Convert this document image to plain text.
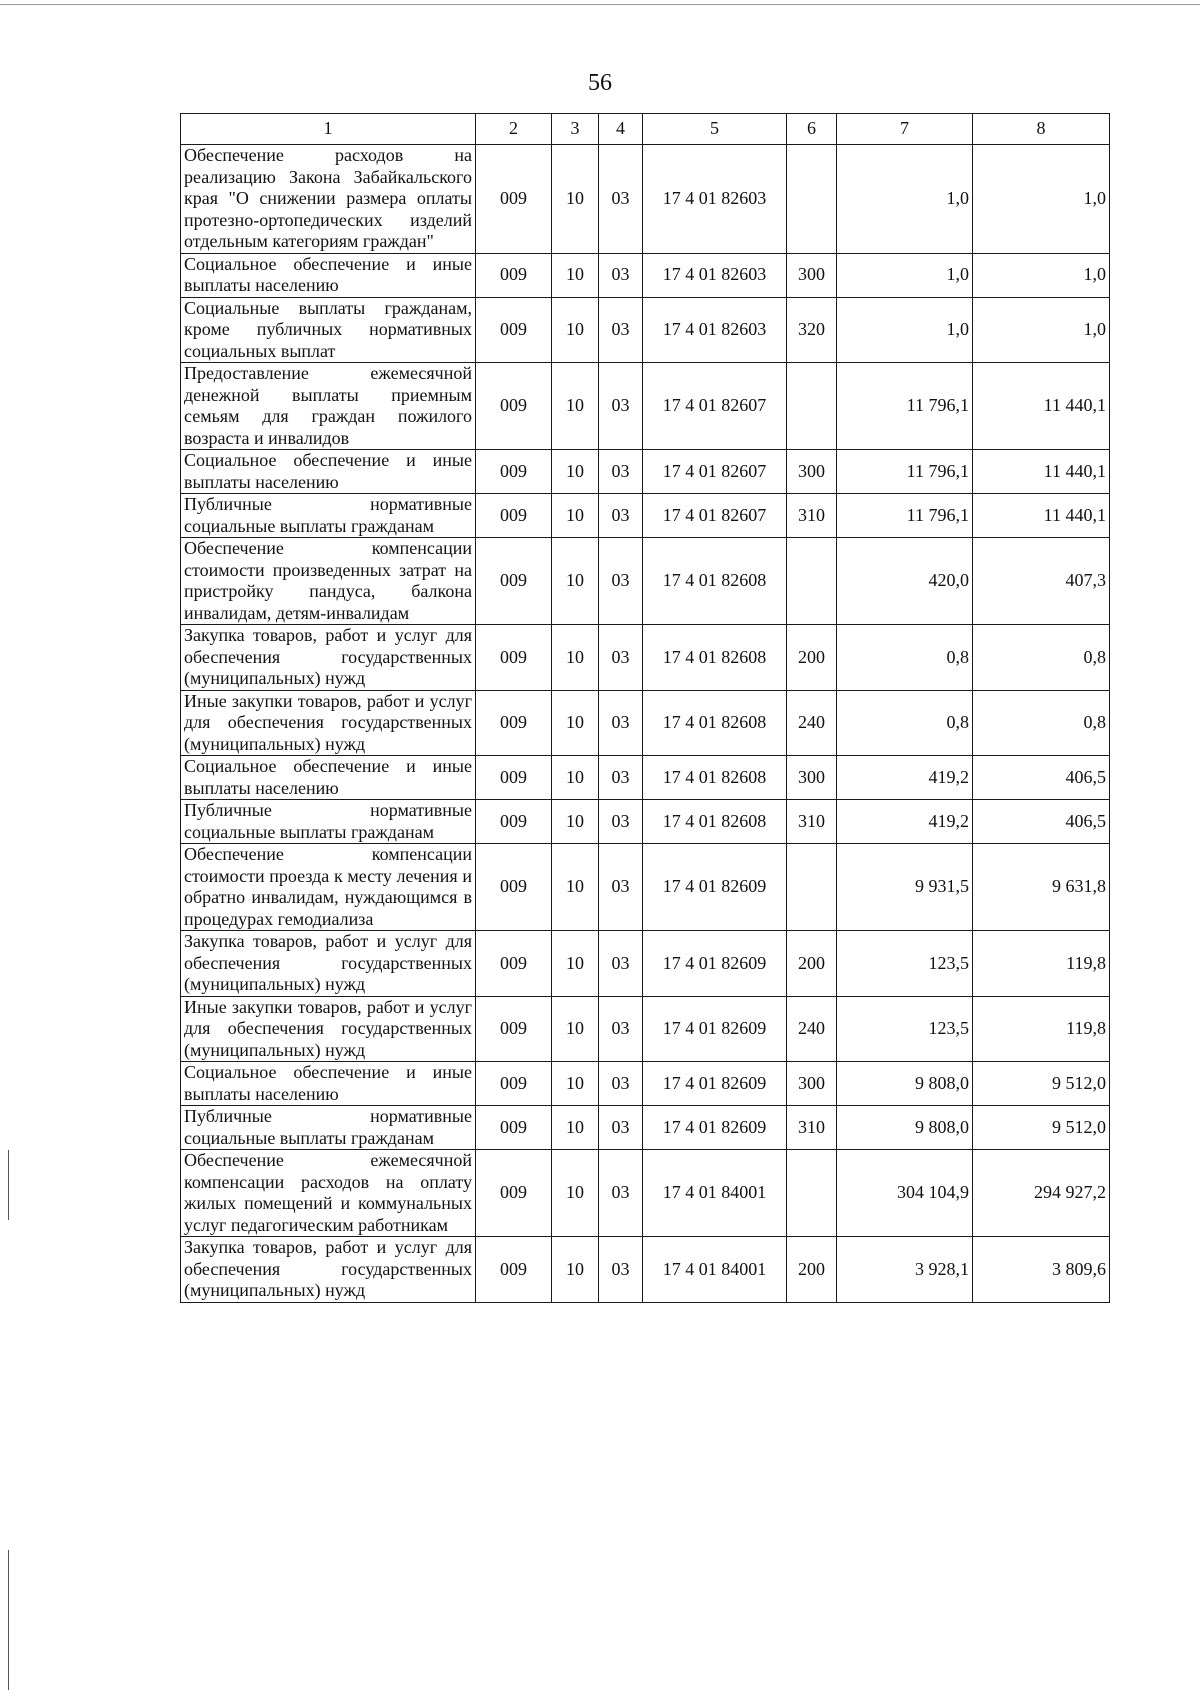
56
1	2	3	4	5	6	7	8
Обеспечение расходов на реализацию Закона Забайкальского края "О снижении размера оплаты протезно-ортопедических изделий отдельным категориям граждан"	009	10	03	17 4 01 82603		1,0	1,0
Социальное обеспечение и иные выплаты населению	009	10	03	17 4 01 82603	300	1,0	1,0
Социальные выплаты гражданам, кроме публичных нормативных социальных выплат	009	10	03	17 4 01 82603	320	1,0	1,0
Предоставление ежемесячной денежной выплаты приемным семьям для граждан пожилого возраста и инвалидов	009	10	03	17 4 01 82607		11 796,1	11 440,1
Социальное обеспечение и иные выплаты населению	009	10	03	17 4 01 82607	300	11 796,1	11 440,1
Публичные нормативные социальные выплаты гражданам	009	10	03	17 4 01 82607	310	11 796,1	11 440,1
Обеспечение компенсации стоимости произведенных затрат на пристройку пандуса, балкона инвалидам, детям-инвалидам	009	10	03	17 4 01 82608		420,0	407,3
Закупка товаров, работ и услуг для обеспечения государственных (муниципальных) нужд	009	10	03	17 4 01 82608	200	0,8	0,8
Иные закупки товаров, работ и услуг для обеспечения государственных (муниципальных) нужд	009	10	03	17 4 01 82608	240	0,8	0,8
Социальное обеспечение и иные выплаты населению	009	10	03	17 4 01 82608	300	419,2	406,5
Публичные нормативные социальные выплаты гражданам	009	10	03	17 4 01 82608	310	419,2	406,5
Обеспечение компенсации стоимости проезда к месту лечения и обратно инвалидам, нуждающимся в процедурах гемодиализа	009	10	03	17 4 01 82609		9 931,5	9 631,8
Закупка товаров, работ и услуг для обеспечения государственных (муниципальных) нужд	009	10	03	17 4 01 82609	200	123,5	119,8
Иные закупки товаров, работ и услуг для обеспечения государственных (муниципальных) нужд	009	10	03	17 4 01 82609	240	123,5	119,8
Социальное обеспечение и иные выплаты населению	009	10	03	17 4 01 82609	300	9 808,0	9 512,0
Публичные нормативные социальные выплаты гражданам	009	10	03	17 4 01 82609	310	9 808,0	9 512,0
Обеспечение ежемесячной компенсации расходов на оплату жилых помещений и коммунальных услуг педагогическим работникам	009	10	03	17 4 01 84001		304 104,9	294 927,2
Закупка товаров, работ и услуг для обеспечения государственных (муниципальных) нужд	009	10	03	17 4 01 84001	200	3 928,1	3 809,6
